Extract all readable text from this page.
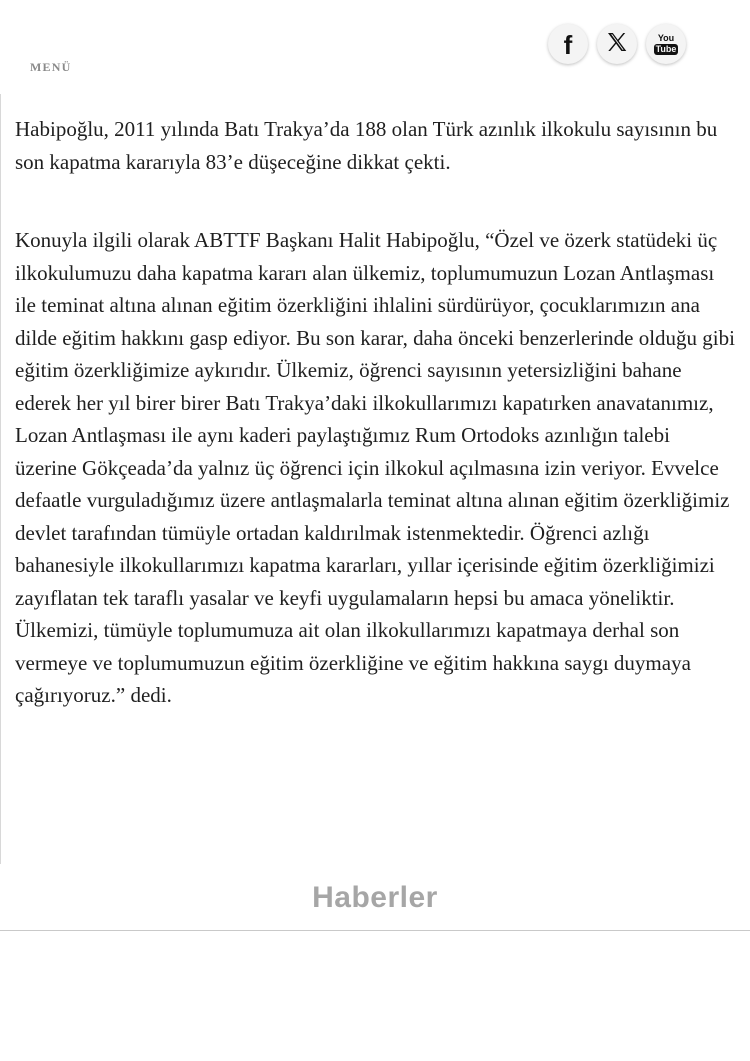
MENÜ
f	You
Tube

Habipoğlu, 2011 yılında Batı Trakya’da 188 olan Türk azınlık ilkokulu sayısının bu son kapatma kararıyla 83’e düşeceğine dikkat çekti.

Konuyla ilgili olarak ABTTF Başkanı Halit Habipoğlu, “Özel ve özerk statüdeki üç ilkokulumuzu daha kapatma kararı alan ülkemiz, toplumumuzun Lozan Antlaşması ile teminat altına alınan eğitim özerkliğini ihlalini sürdürüyor, çocuklarımızın ana dilde eğitim hakkını gasp ediyor. Bu son karar, daha önceki benzerlerinde olduğu gibi eğitim özerkliğimize aykırıdır. Ülkemiz, öğrenci sayısının yetersizliğini bahane ederek her yıl birer birer Batı Trakya’daki ilkokullarımızı kapatırken anavatanımız, Lozan Antlaşması ile aynı kaderi paylaştığımız Rum Ortodoks azınlığın talebi üzerine Gökçeada’da yalnız üç öğrenci için ilkokul açılmasına izin veriyor. Evvelce defaatle vurguladığımız üzere antlaşmalarla teminat altına alınan eğitim özerkliğimiz devlet tarafından tümüyle ortadan kaldırılmak istenmektedir. Öğrenci azlığı bahanesiyle ilkokullarımızı kapatma kararları, yıllar içerisinde eğitim özerkliğimizi zayıflatan tek taraflı yasalar ve keyfi uygulamaların hepsi bu amaca yöneliktir. Ülkemizi, tümüyle toplumumuza ait olan ilkokullarımızı kapatmaya derhal son vermeye ve toplumumuzun eğitim özerkliğine ve eğitim hakkına saygı duymaya çağırıyoruz.” dedi.

Haberler
